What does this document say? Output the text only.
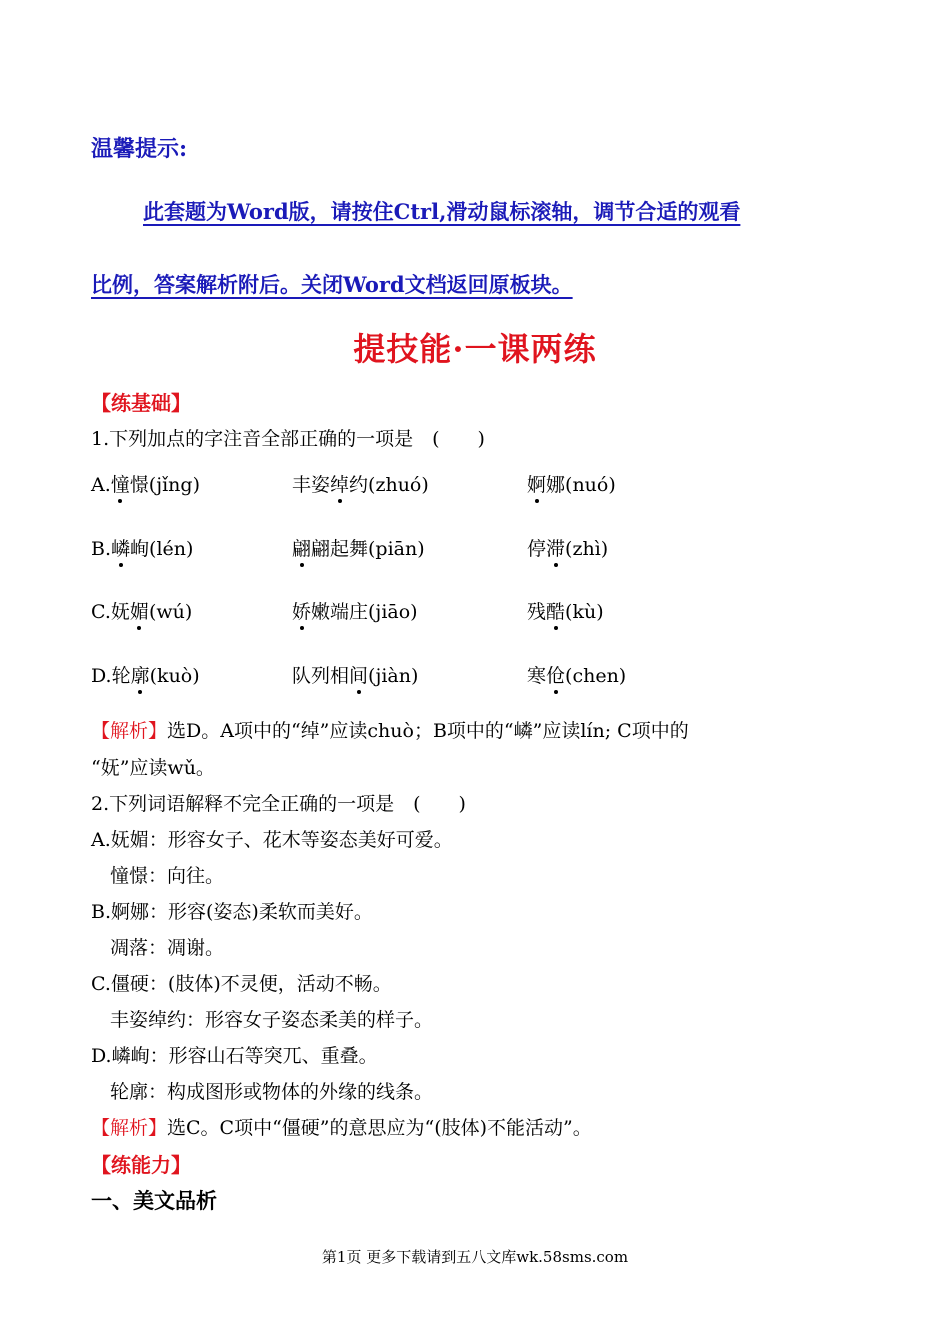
温馨提示:
此套题为Word版，请按住Ctrl,滑动鼠标滚轴，调节合适的观看
比例，答案解析附后。关闭Word文档返回原板块。
提技能·一课两练
【练基础】
1.下列加点的字注音全部正确的一项是　(　　)
A.憧憬(jǐng)	丰姿绰约(zhuó)	婀娜(nuó)
B.嶙峋(lén)	翩翩起舞(piān)	停滞(zhì)
C.妩媚(wú)	娇嫩端庄(jiāo)	残酷(kù)
D.轮廓(kuò)	队列相间(jiàn)	寒伧(chen)
【解析】选D。A项中的“绰”应读chuò；B项中的“嶙”应读lín; C项中的
“妩”应读wǔ。
2.下列词语解释不完全正确的一项是　(　　)
A.妩媚：形容女子、花木等姿态美好可爱。
　憧憬：向往。
B.婀娜：形容(姿态)柔软而美好。
　凋落：凋谢。
C.僵硬：(肢体)不灵便，活动不畅。
　丰姿绰约：形容女子姿态柔美的样子。
D.嶙峋：形容山石等突兀、重叠。
　轮廓：构成图形或物体的外缘的线条。
【解析】选C。C项中“僵硬”的意思应为“(肢体)不能活动”。
【练能力】
一、美文品析
第1页 更多下载请到五八文库wk.58sms.com
